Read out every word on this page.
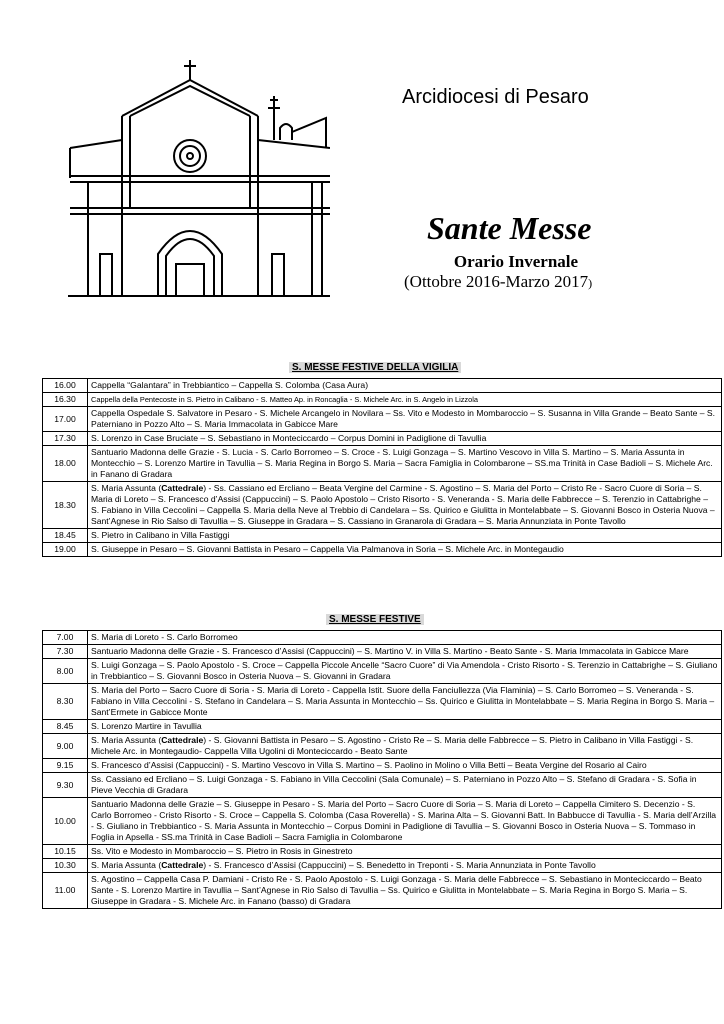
Arcidiocesi di Pesaro
Sante Messe
Orario Invernale
(Ottobre 2016-Marzo 2017)
S. MESSE FESTIVE DELLA VIGILIA
16.00	Cappella “Galantara” in Trebbiantico – Cappella S. Colomba (Casa Aura)
16.30	Cappella della Pentecoste in S. Pietro in Calibano - S. Matteo Ap. in Roncaglia - S. Michele Arc. in S. Angelo in Lizzola
17.00	Cappella Ospedale S. Salvatore in Pesaro - S. Michele Arcangelo in Novilara – Ss. Vito e Modesto in Mombaroccio – S. Susanna in Villa Grande – Beato Sante – S. Paterniano in Pozzo Alto – S. Maria Immacolata in Gabicce Mare
17.30	S. Lorenzo in Case Bruciate – S. Sebastiano in Monteciccardo – Corpus Domini in Padiglione di Tavullia
18.00	Santuario Madonna delle Grazie - S. Lucia - S. Carlo Borromeo – S. Croce - S. Luigi Gonzaga – S. Martino Vescovo in Villa S. Martino – S. Maria Assunta in Montecchio – S. Lorenzo Martire in Tavullia – S. Maria Regina in Borgo S. Maria – Sacra Famiglia in Colombarone – SS.ma Trinità in Case Badioli – S. Michele Arc. in Fanano di Gradara
18.30	S. Maria Assunta (Cattedrale) - Ss. Cassiano ed Ercliano – Beata Vergine del Carmine - S. Agostino – S. Maria del Porto – Cristo Re - Sacro Cuore di Soria – S. Maria di Loreto – S. Francesco d’Assisi (Cappuccini) – S. Paolo Apostolo – Cristo Risorto - S. Veneranda - S. Maria delle Fabbrecce – S. Terenzio in Cattabrighe – S. Fabiano in Villa Ceccolini – Cappella S. Maria della Neve al Trebbio di Candelara – Ss. Quirico e Giulitta in Montelabbate – S. Giovanni Bosco in Osteria Nuova – Sant’Agnese in Rio Salso di Tavullia – S. Giuseppe in Gradara – S. Cassiano in Granarola di Gradara – S. Maria Annunziata in Ponte Tavollo
18.45	S. Pietro in Calibano in Villa Fastiggi
19.00	S. Giuseppe in Pesaro – S. Giovanni Battista in Pesaro – Cappella Via Palmanova in Soria – S. Michele Arc. in Montegaudio
S. MESSE FESTIVE
7.00	S. Maria di Loreto - S. Carlo Borromeo
7.30	Santuario Madonna delle Grazie - S. Francesco d’Assisi (Cappuccini) – S. Martino V. in Villa S. Martino - Beato Sante - S. Maria Immacolata in Gabicce Mare
8.00	S. Luigi Gonzaga – S. Paolo Apostolo - S. Croce – Cappella Piccole Ancelle “Sacro Cuore” di Via Amendola - Cristo Risorto - S. Terenzio in Cattabrighe – S. Giuliano in Trebbiantico – S. Giovanni Bosco in Osteria Nuova – S. Giovanni in Gradara
8.30	S. Maria del Porto – Sacro Cuore di Soria - S. Maria di Loreto - Cappella Istit. Suore della Fanciullezza (Via Flaminia) – S. Carlo Borromeo – S. Veneranda - S. Fabiano in Villa Ceccolini - S. Stefano in Candelara – S. Maria Assunta in Montecchio – Ss. Quirico e Giulitta in Montelabbate – S. Maria Regina in Borgo S. Maria – Sant’Ermete in Gabicce Monte
8.45	S. Lorenzo Martire in Tavullia
9.00	S. Maria Assunta (Cattedrale) - S. Giovanni Battista in Pesaro – S. Agostino - Cristo Re – S. Maria delle Fabbrecce – S. Pietro in Calibano in Villa Fastiggi - S. Michele Arc. in Montegaudio- Cappella Villa Ugolini di Monteciccardo - Beato Sante
9.15	S. Francesco d’Assisi (Cappuccini) - S. Martino Vescovo in Villa S. Martino – S. Paolino in Molino o Villa Betti – Beata Vergine del Rosario al Cairo
9.30	Ss. Cassiano ed Ercliano – S. Luigi Gonzaga - S. Fabiano in Villa Ceccolini (Sala Comunale) – S. Paterniano in Pozzo Alto – S. Stefano di Gradara - S. Sofia in Pieve Vecchia di Gradara
10.00	Santuario Madonna delle Grazie – S. Giuseppe in Pesaro - S. Maria del Porto – Sacro Cuore di Soria – S. Maria di Loreto – Cappella Cimitero S. Decenzio - S. Carlo Borromeo - Cristo Risorto - S. Croce – Cappella S. Colomba (Casa Roverella) - S. Marina Alta – S. Giovanni Batt. In Babbucce di Tavullia - S. Maria dell’Arzilla - S. Giuliano in Trebbiantico - S. Maria Assunta in Montecchio – Corpus Domini in Padiglione di Tavullia – S. Giovanni Bosco in Osteria Nuova – S. Tommaso in Foglia in Apsella - SS.ma Trinità in Case Badioli – Sacra Famiglia in Colombarone
10.15	Ss. Vito e Modesto in Mombaroccio – S. Pietro in Rosis in Ginestreto
10.30	S. Maria Assunta (Cattedrale) - S. Francesco d’Assisi (Cappuccini) – S. Benedetto in Treponti - S. Maria Annunziata in Ponte Tavollo
11.00	S. Agostino – Cappella Casa P. Damiani - Cristo Re - S. Paolo Apostolo - S. Luigi Gonzaga - S. Maria delle Fabbrecce – S. Sebastiano in Monteciccardo – Beato Sante - S. Lorenzo Martire in Tavullia – Sant’Agnese in Rio Salso di Tavullia – Ss. Quirico e Giulitta in Montelabbate – S. Maria Regina in Borgo S. Maria – S. Giuseppe in Gradara - S. Michele Arc. in Fanano (basso) di Gradara
